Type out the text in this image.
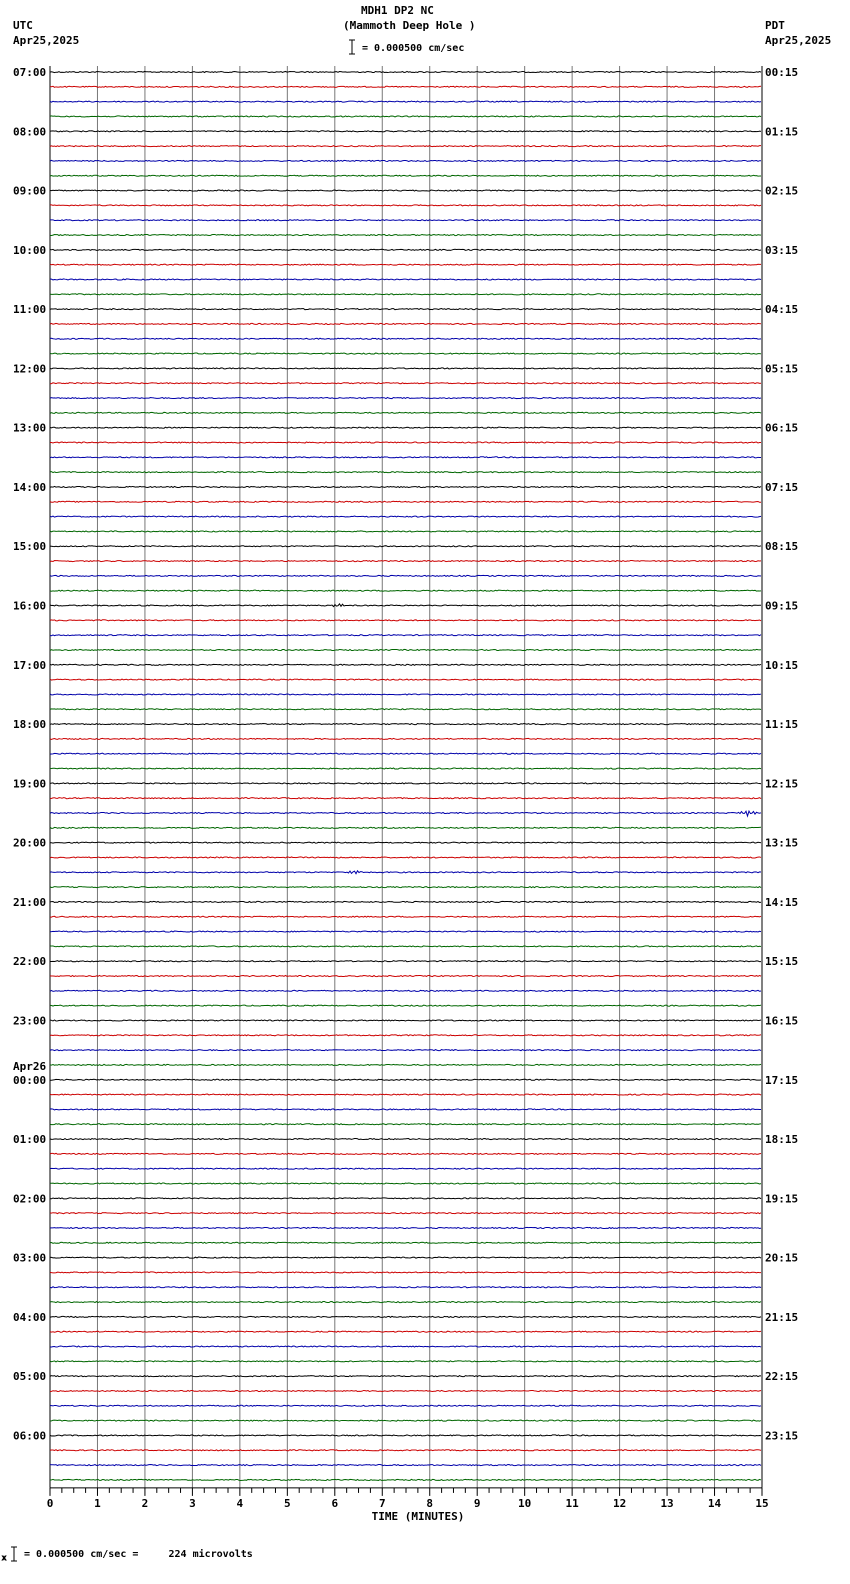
MDH1 DP2 NC
(Mammoth Deep Hole )
UTC
Apr25,2025
PDT
Apr25,2025
= 0.000500 cm/sec
0	1	2	3	4	5	6	7	8	9	10	11	12	13	14	15
07:00
08:00
09:00
10:00
11:00
12:00
13:00
14:00
15:00
16:00
17:00
18:00
19:00
20:00
21:00
22:00
23:00
00:00
Apr26
01:00
02:00
03:00
04:00
05:00
06:00
00:15
01:15
02:15
03:15
04:15
05:15
06:15
07:15
08:15
09:15
10:15
11:15
12:15
13:15
14:15
15:15
16:15
17:15
18:15
19:15
20:15
21:15
22:15
23:15
TIME (MINUTES)
x = 0.000500 cm/sec =     224 microvolts
